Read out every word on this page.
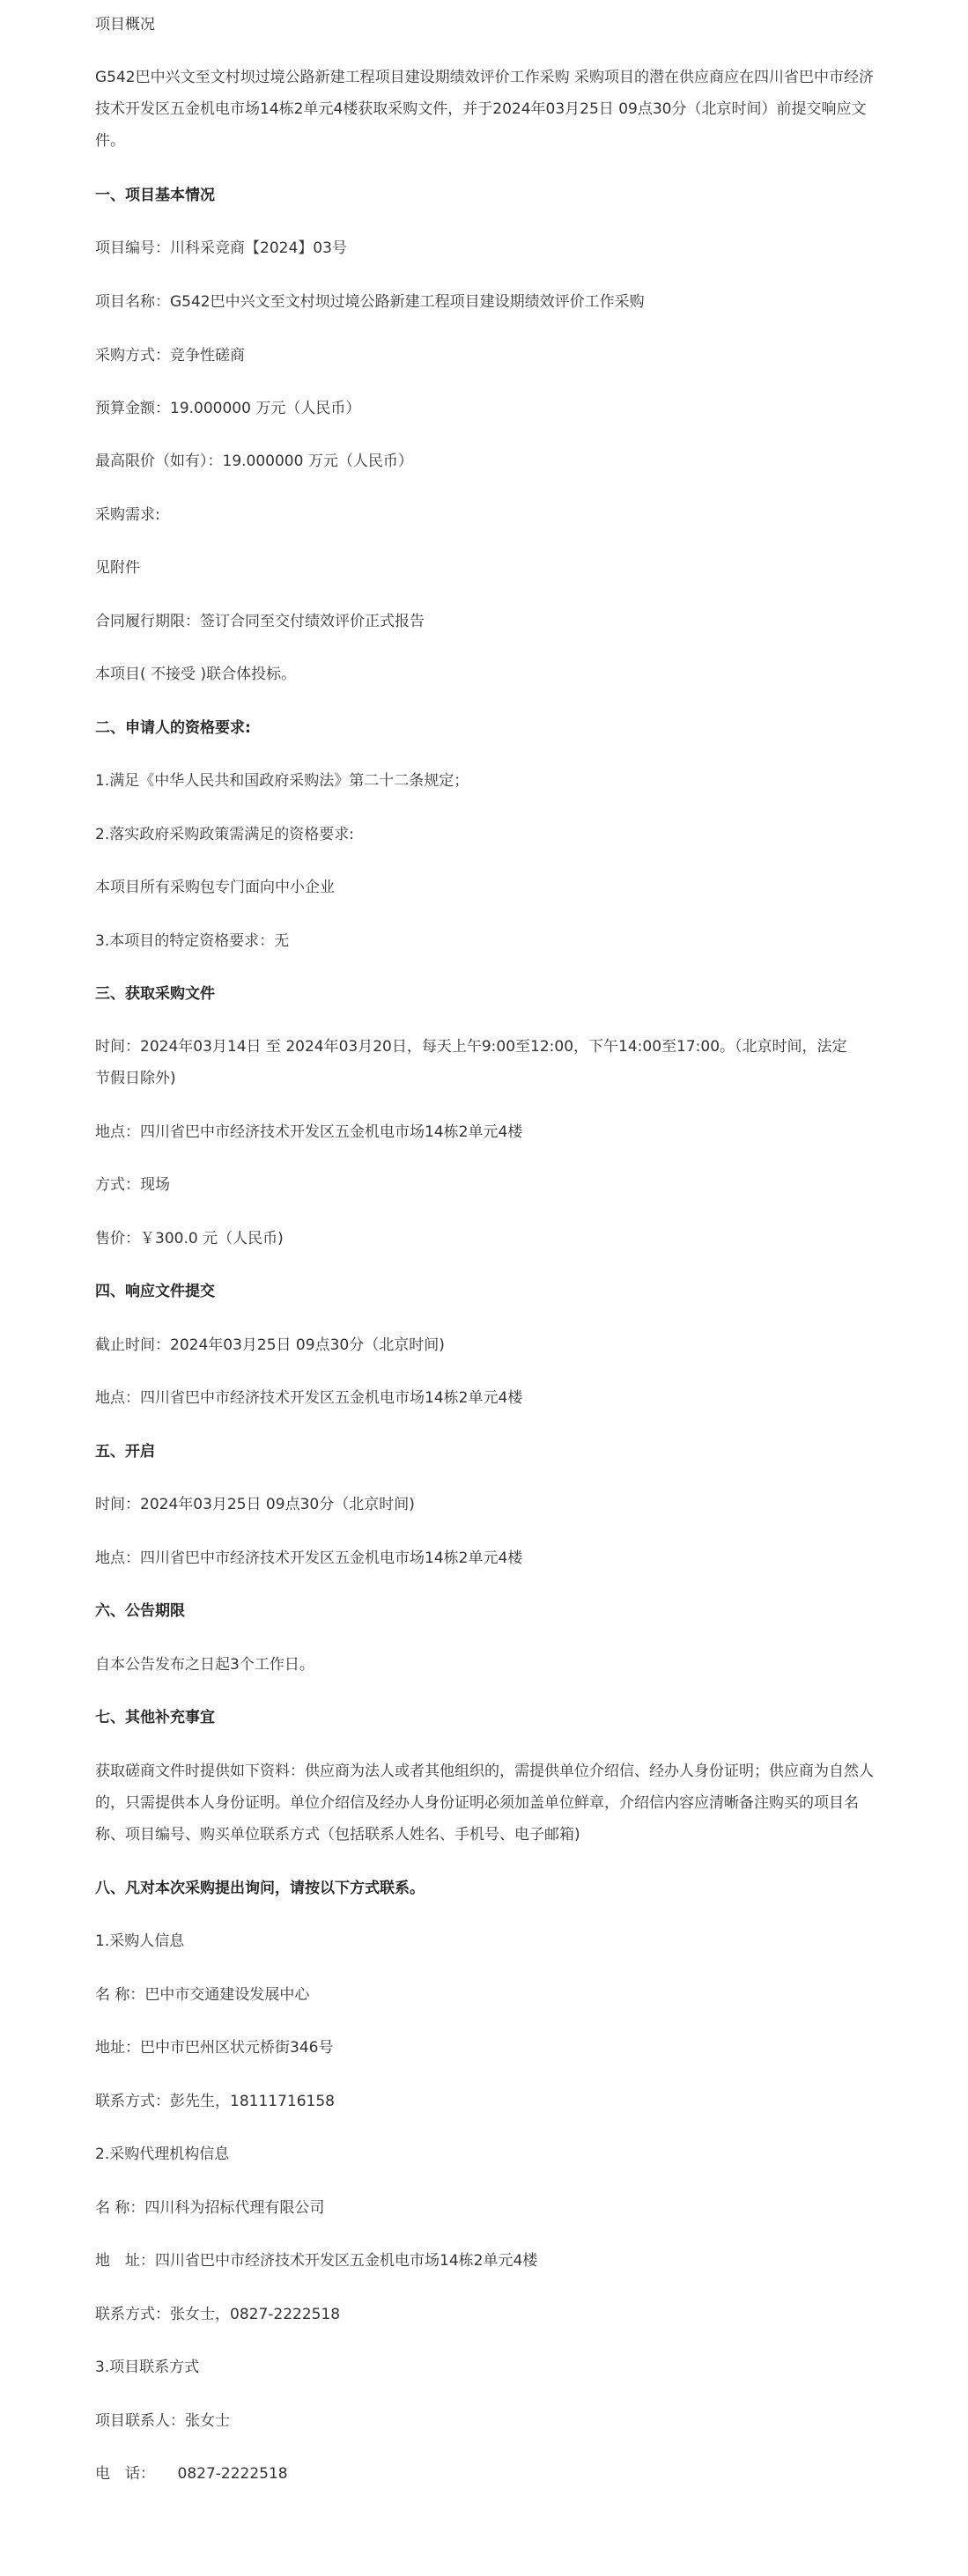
项目概况
G542巴中兴文至文村坝过境公路新建工程项目建设期绩效评价工作采购 采购项目的潜在供应商应在四川省巴中市经济技术开发区五金机电市场14栋2单元4楼获取采购文件，并于2024年03月25日 09点30分（北京时间）前提交响应文件。
一、项目基本情况
项目编号：川科采竞商【2024】03号
项目名称：G542巴中兴文至文村坝过境公路新建工程项目建设期绩效评价工作采购
采购方式：竞争性磋商
预算金额：19.000000 万元（人民币）
最高限价（如有）：19.000000 万元（人民币）
采购需求:
见附件
合同履行期限：签订合同至交付绩效评价正式报告
本项目( 不接受 )联合体投标。
二、申请人的资格要求:
1.满足《中华人民共和国政府采购法》第二十二条规定；
2.落实政府采购政策需满足的资格要求:
本项目所有采购包专门面向中小企业
3.本项目的特定资格要求：无
三、获取采购文件
时间：2024年03月14日 至 2024年03月20日，每天上午9:00至12:00，下午14:00至17:00。（北京时间，法定
节假日除外)
地点：四川省巴中市经济技术开发区五金机电市场14栋2单元4楼
方式：现场
售价：￥300.0 元（人民币)
四、响应文件提交
截止时间：2024年03月25日 09点30分（北京时间)
地点：四川省巴中市经济技术开发区五金机电市场14栋2单元4楼
五、开启
时间：2024年03月25日 09点30分（北京时间)
地点：四川省巴中市经济技术开发区五金机电市场14栋2单元4楼
六、公告期限
自本公告发布之日起3个工作日。
七、其他补充事宜
获取磋商文件时提供如下资料：供应商为法人或者其他组织的，需提供单位介绍信、经办人身份证明；供应商为自然人的，只需提供本人身份证明。单位介绍信及经办人身份证明必须加盖单位鲜章，介绍信内容应清晰备注购买的项目名称、项目编号、购买单位联系方式（包括联系人姓名、手机号、电子邮箱)
八、凡对本次采购提出询问，请按以下方式联系。
1.采购人信息
名 称：巴中市交通建设发展中心
地址：巴中市巴州区状元桥街346号
联系方式：彭先生，18111716158
2.采购代理机构信息
名 称：四川科为招标代理有限公司
地　址：四川省巴中市经济技术开发区五金机电市场14栋2单元4楼
联系方式：张女士，0827-2222518
3.项目联系方式
项目联系人：张女士
电　话：　　0827-2222518
